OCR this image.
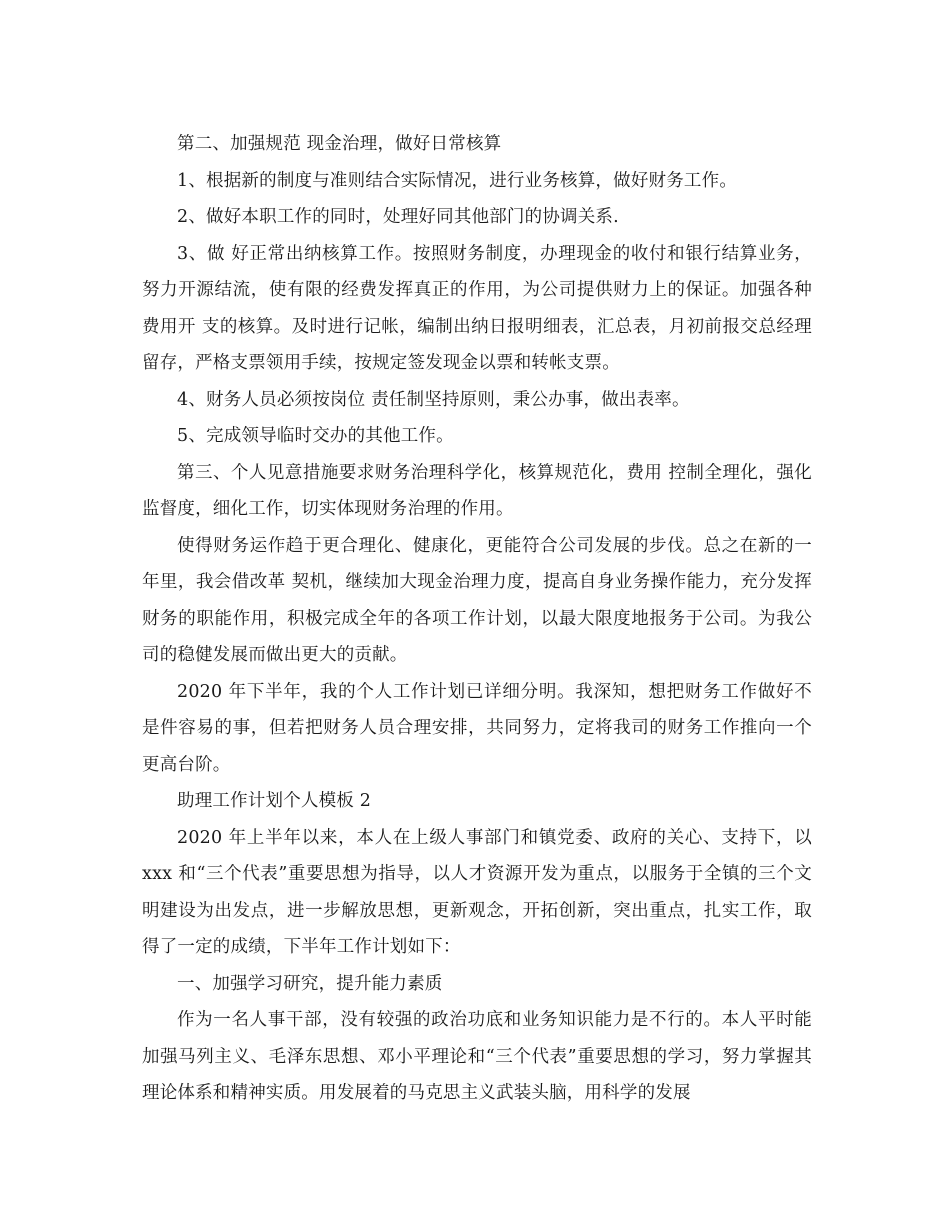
第二、加强规范 现金治理，做好日常核算

1、根据新的制度与准则结合实际情况，进行业务核算，做好财务工作。

2、做好本职工作的同时，处理好同其他部门的协调关系.

3、做 好正常出纳核算工作。按照财务制度，办理现金的收付和银行结算业务，努力开源结流，使有限的经费发挥真正的作用，为公司提供财力上的保证。加强各种费用开 支的核算。及时进行记帐，编制出纳日报明细表，汇总表，月初前报交总经理留存，严格支票领用手续，按规定签发现金以票和转帐支票。

4、财务人员必须按岗位 责任制坚持原则，秉公办事，做出表率。

5、完成领导临时交办的其他工作。

第三、个人见意措施要求财务治理科学化，核算规范化，费用 控制全理化，强化监督度，细化工作，切实体现财务治理的作用。

使得财务运作趋于更合理化、健康化，更能符合公司发展的步伐。总之在新的一年里，我会借改革 契机，继续加大现金治理力度，提高自身业务操作能力，充分发挥财务的职能作用，积极完成全年的各项工作计划，以最大限度地报务于公司。为我公司的稳健发展而做出更大的贡献。

2020 年下半年，我的个人工作计划已详细分明。我深知，想把财务工作做好不是件容易的事，但若把财务人员合理安排，共同努力，定将我司的财务工作推向一个更高台阶。

助理工作计划个人模板 2

2020 年上半年以来，本人在上级人事部门和镇党委、政府的关心、支持下，以 xxx 和“三个代表”重要思想为指导，以人才资源开发为重点，以服务于全镇的三个文明建设为出发点，进一步解放思想，更新观念，开拓创新，突出重点，扎实工作，取得了一定的成绩，下半年工作计划如下：

一、加强学习研究，提升能力素质

作为一名人事干部，没有较强的政治功底和业务知识能力是不行的。本人平时能加强马列主义、毛泽东思想、邓小平理论和“三个代表”重要思想的学习，努力掌握其理论体系和精神实质。用发展着的马克思主义武装头脑，用科学的发展
